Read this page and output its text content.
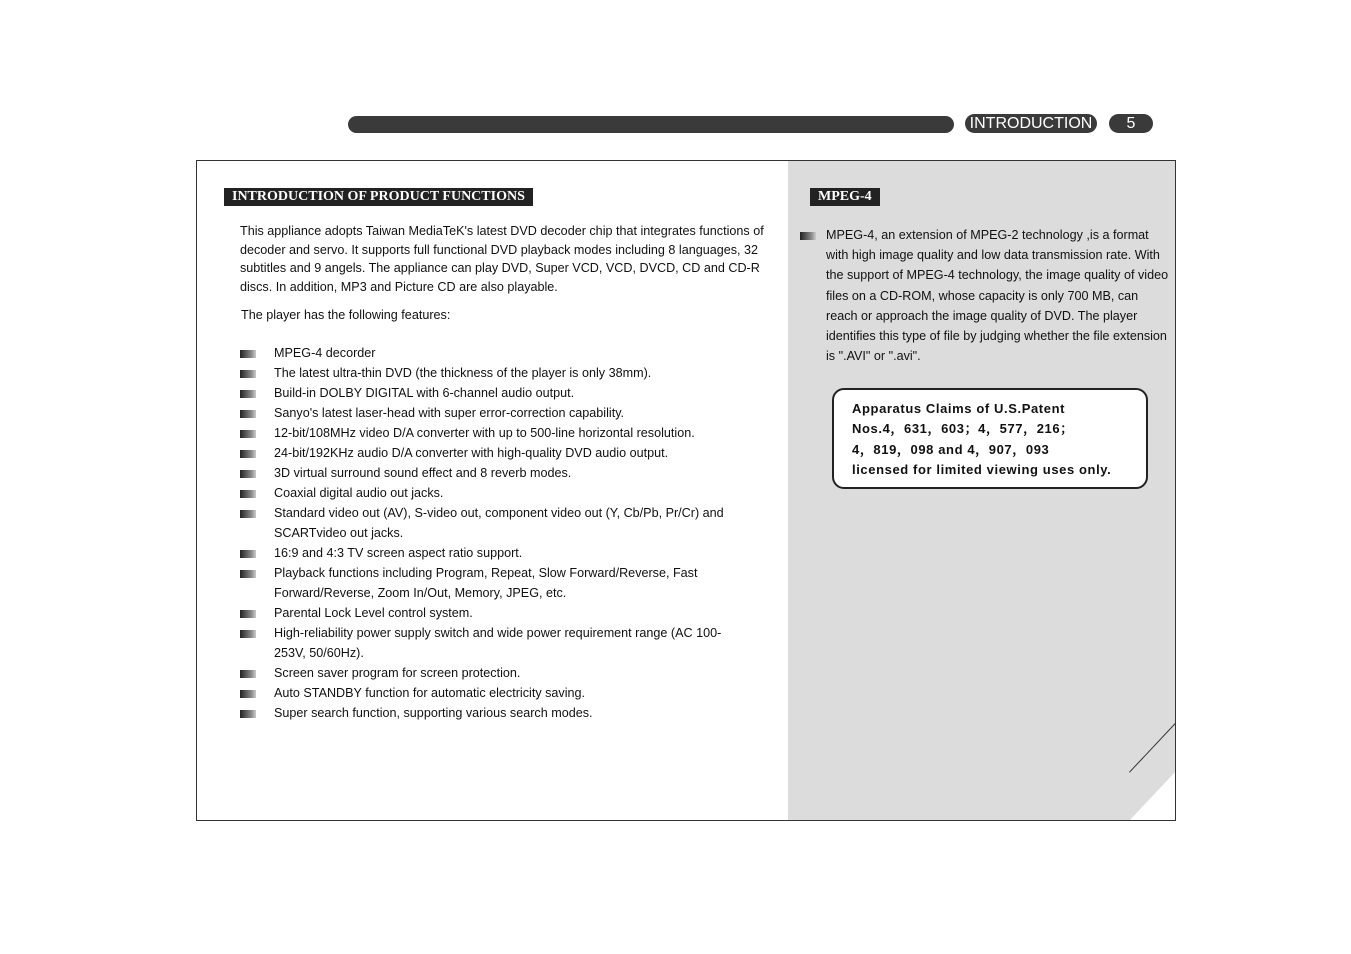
INTRODUCTION	5
INTRODUCTION OF PRODUCT FUNCTIONS
This appliance adopts Taiwan MediaTeK's latest DVD decoder chip that integrates functions of decoder and servo. It supports full functional DVD playback modes including 8 languages, 32 subtitles and 9 angels. The appliance can play DVD, Super VCD, VCD, DVCD, CD and CD-R discs. In addition, MP3 and Picture CD are also playable.
The player has the following features:
MPEG-4 decorder
The latest ultra-thin DVD (the thickness of the player is only 38mm).
Build-in DOLBY DIGITAL with 6-channel audio output.
Sanyo's latest laser-head with super error-correction capability.
12-bit/108MHz video D/A converter with up to 500-line horizontal resolution.
24-bit/192KHz audio D/A converter with high-quality DVD audio output.
3D virtual surround sound effect and 8 reverb modes.
Coaxial digital audio out jacks.
Standard video out (AV), S-video out, component video out (Y, Cb/Pb, Pr/Cr) and SCARTvideo out jacks.
16:9 and 4:3 TV screen aspect ratio support.
Playback functions including Program, Repeat, Slow Forward/Reverse, Fast Forward/Reverse, Zoom In/Out, Memory, JPEG, etc.
Parental Lock Level control system.
High-reliability power supply switch and wide power requirement range (AC 100-253V, 50/60Hz).
Screen saver program for screen protection.
Auto STANDBY function for automatic electricity saving.
Super search function, supporting various search modes.
MPEG-4
MPEG-4, an extension of MPEG-2 technology ,is a format with high image quality and low data transmission rate. With the support of MPEG-4 technology, the image quality of video files on a CD-ROM, whose capacity is only 700 MB, can reach or approach the image quality of DVD. The player identifies this type of file by judging whether the file extension is ".AVI" or ".avi".
Apparatus Claims of U.S.Patent
Nos.4，631，603；4，577，216；
4，819，098 and 4，907，093
licensed for limited viewing uses only.
